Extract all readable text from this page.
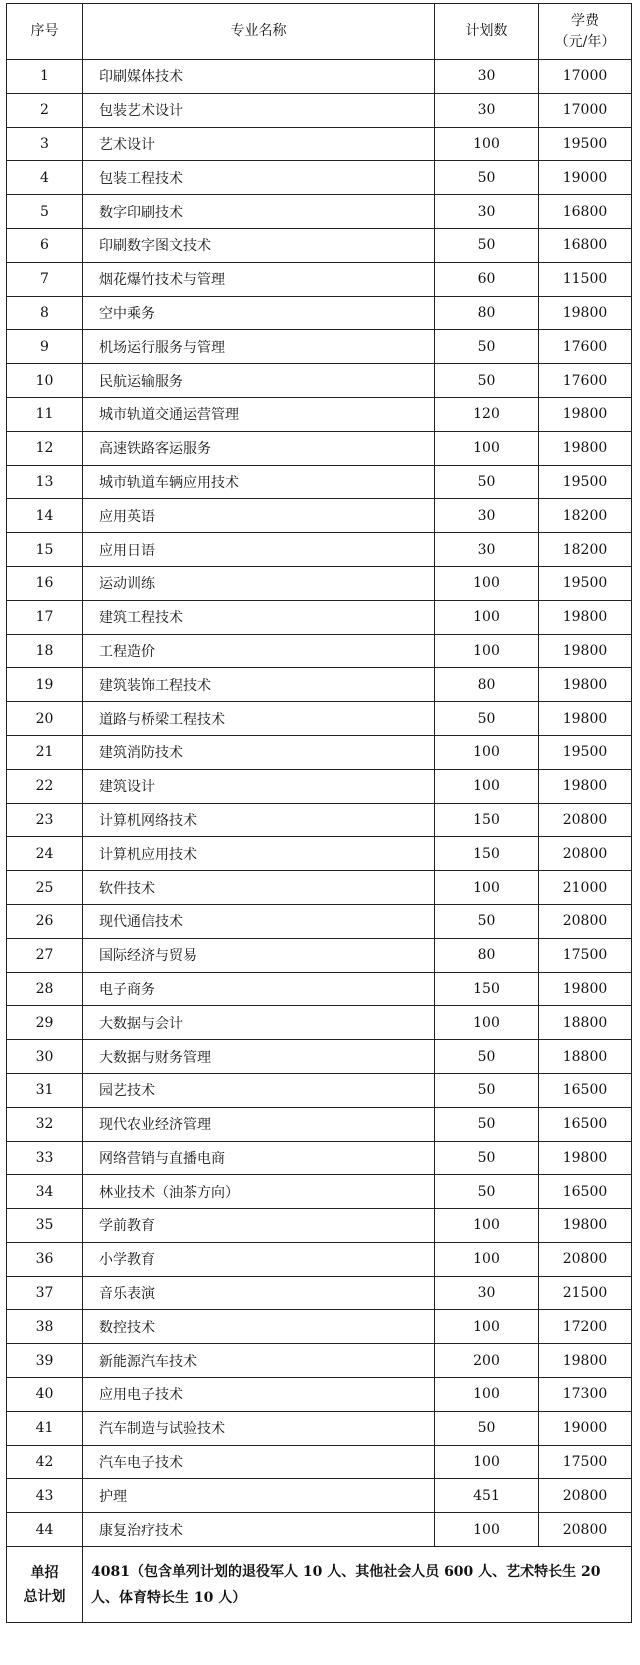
序号	专业名称	计划数	学费
（元/年）

1	印刷媒体技术	30	17000
2	包装艺术设计	30	17000
3	艺术设计	100	19500
4	包装工程技术	50	19000
5	数字印刷技术	30	16800
6	印刷数字图文技术	50	16800
7	烟花爆竹技术与管理	60	11500
8	空中乘务	80	19800
9	机场运行服务与管理	50	17600
10	民航运输服务	50	17600
11	城市轨道交通运营管理	120	19800
12	高速铁路客运服务	100	19800
13	城市轨道车辆应用技术	50	19500
14	应用英语	30	18200
15	应用日语	30	18200
16	运动训练	100	19500
17	建筑工程技术	100	19800
18	工程造价	100	19800
19	建筑装饰工程技术	80	19800
20	道路与桥梁工程技术	50	19800
21	建筑消防技术	100	19500
22	建筑设计	100	19800
23	计算机网络技术	150	20800
24	计算机应用技术	150	20800
25	软件技术	100	21000
26	现代通信技术	50	20800
27	国际经济与贸易	80	17500
28	电子商务	150	19800
29	大数据与会计	100	18800
30	大数据与财务管理	50	18800
31	园艺技术	50	16500
32	现代农业经济管理	50	16500
33	网络营销与直播电商	50	19800
34	林业技术（油茶方向）	50	16500
35	学前教育	100	19800
36	小学教育	100	20800
37	音乐表演	30	21500
38	数控技术	100	17200
39	新能源汽车技术	200	19800
40	应用电子技术	100	17300
41	汽车制造与试验技术	50	19000
42	汽车电子技术	100	17500
43	护理	451	20800
44	康复治疗技术	100	20800

单招
总计划	4081（包含单列计划的退役军人 10 人、其他社会人员 600 人、艺术特长生 20 人、体育特长生 10 人）		
